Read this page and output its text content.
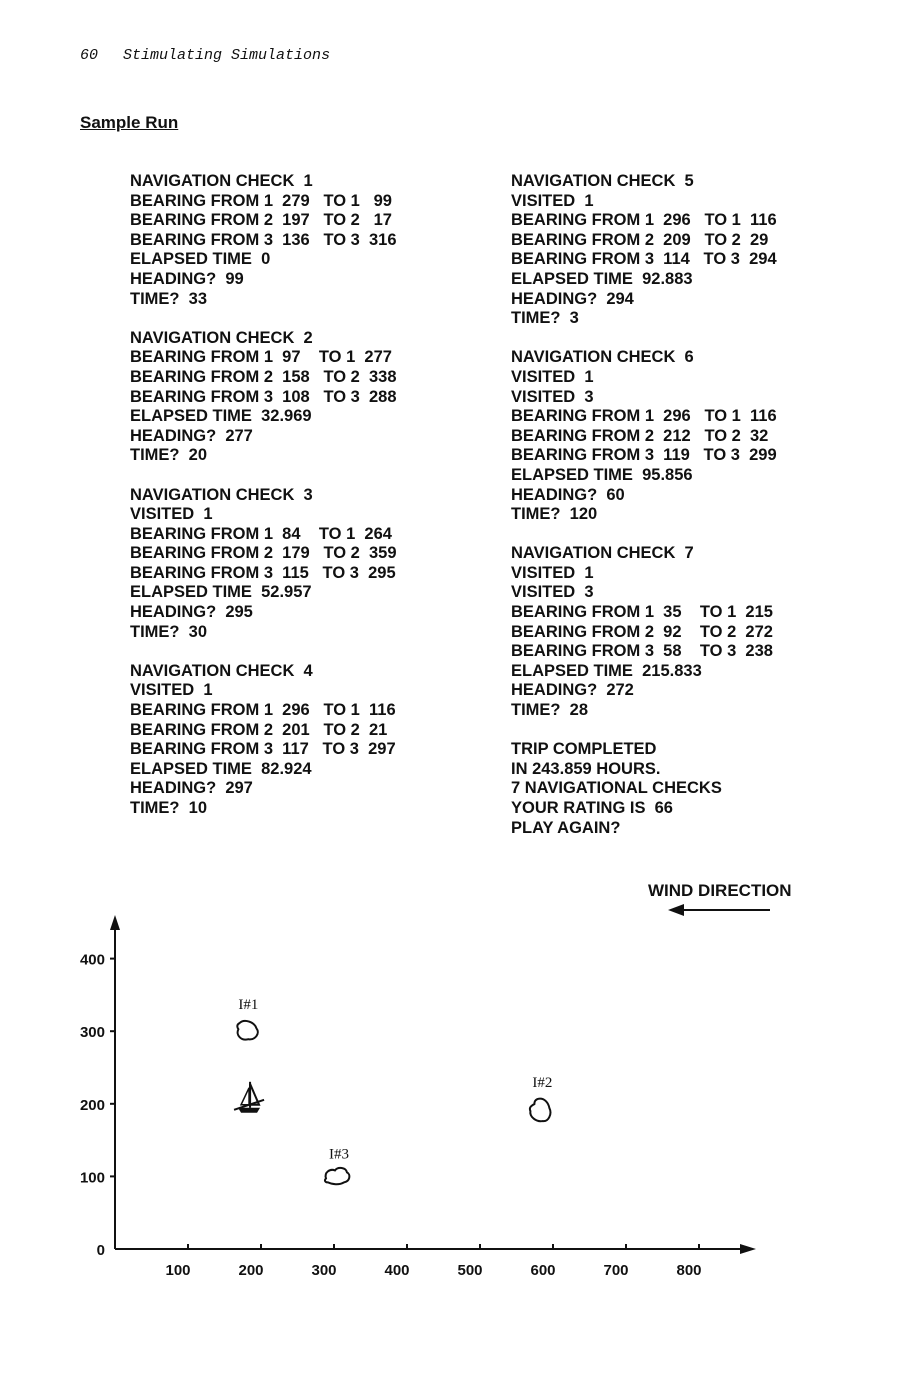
60 Stimulating Simulations
Sample Run
NAVIGATION CHECK  1
BEARING FROM 1  279   TO 1   99
BEARING FROM 2  197   TO 2   17
BEARING FROM 3  136   TO 3  316
ELAPSED TIME  0
HEADING?  99
TIME?  33
NAVIGATION CHECK  2
BEARING FROM 1  97    TO 1  277
BEARING FROM 2  158   TO 2  338
BEARING FROM 3  108   TO 3  288
ELAPSED TIME  32.969
HEADING?  277
TIME?  20
NAVIGATION CHECK  3
VISITED  1
BEARING FROM 1  84    TO 1  264
BEARING FROM 2  179   TO 2  359
BEARING FROM 3  115   TO 3  295
ELAPSED TIME  52.957
HEADING?  295
TIME?  30
NAVIGATION CHECK  4
VISITED  1
BEARING FROM 1  296   TO 1  116
BEARING FROM 2  201   TO 2  21
BEARING FROM 3  117   TO 3  297
ELAPSED TIME  82.924
HEADING?  297
TIME?  10
NAVIGATION CHECK  5
VISITED  1
BEARING FROM 1  296   TO 1  116
BEARING FROM 2  209   TO 2  29
BEARING FROM 3  114   TO 3  294
ELAPSED TIME  92.883
HEADING?  294
TIME?  3
NAVIGATION CHECK  6
VISITED  1
VISITED  3
BEARING FROM 1  296   TO 1  116
BEARING FROM 2  212   TO 2  32
BEARING FROM 3  119   TO 3  299
ELAPSED TIME  95.856
HEADING?  60
TIME?  120
NAVIGATION CHECK  7
VISITED  1
VISITED  3
BEARING FROM 1  35    TO 1  215
BEARING FROM 2  92    TO 2  272
BEARING FROM 3  58    TO 3  238
ELAPSED TIME  215.833
HEADING?  272
TIME?  28
TRIP COMPLETED
IN 243.859 HOURS.
7 NAVIGATIONAL CHECKS
YOUR RATING IS  66
PLAY AGAIN?
WIND DIRECTION
100	200	300	400	500	600	700	800
0
100
200
300
400
I#1
I#2
I#3
